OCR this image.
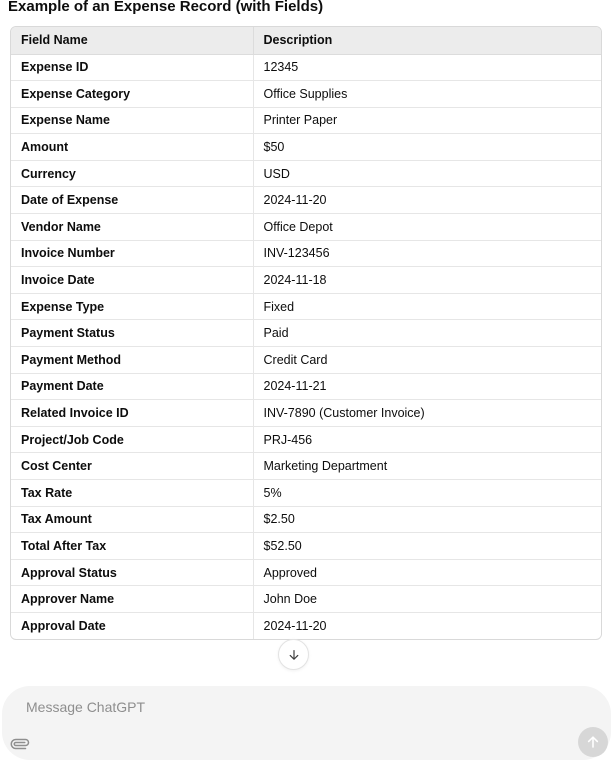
Example of an Expense Record (with Fields)
Field Name	Description
Expense ID	12345
Expense Category	Office Supplies
Expense Name	Printer Paper
Amount	$50
Currency	USD
Date of Expense	2024-11-20
Vendor Name	Office Depot
Invoice Number	INV-123456
Invoice Date	2024-11-18
Expense Type	Fixed
Payment Status	Paid
Payment Method	Credit Card
Payment Date	2024-11-21
Related Invoice ID	INV-7890 (Customer Invoice)
Project/Job Code	PRJ-456
Cost Center	Marketing Department
Tax Rate	5%
Tax Amount	$2.50
Total After Tax	$52.50
Approval Status	Approved
Approver Name	John Doe
Approval Date	2024-11-20
Message ChatGPT
